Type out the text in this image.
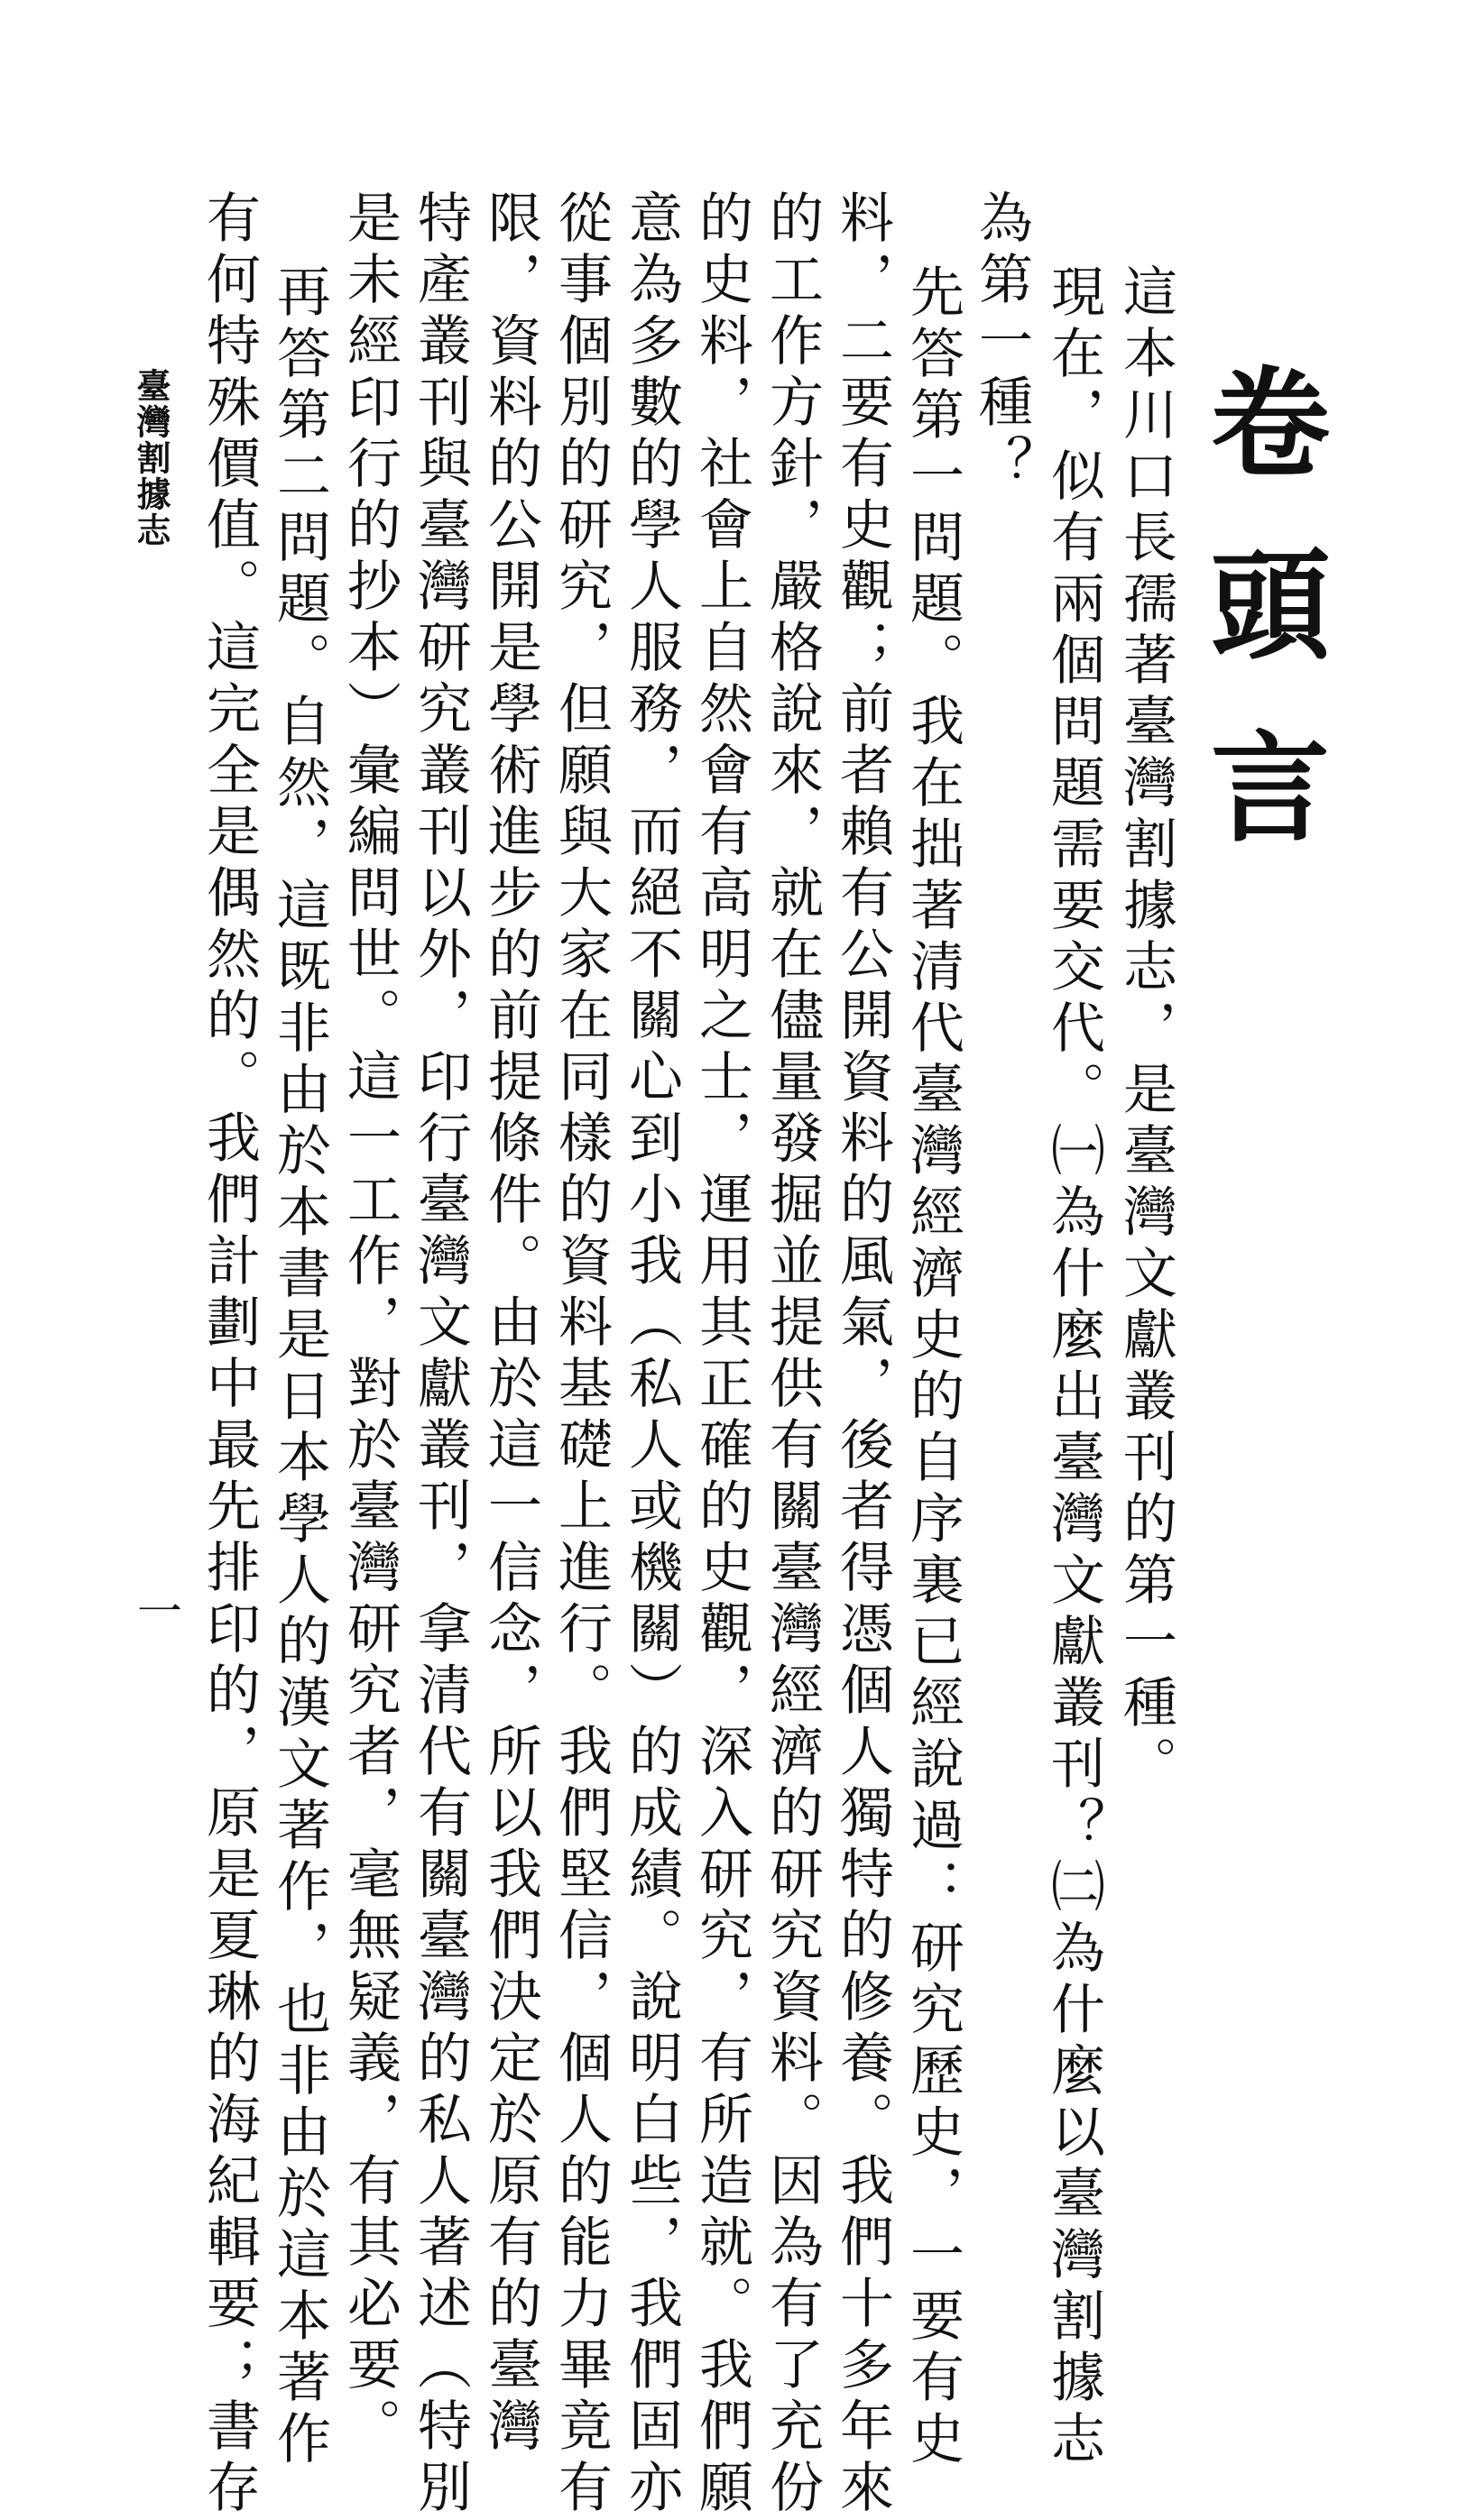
卷頭言
這本川口長孺著臺灣割據志，是臺灣文獻叢刊的第一種。
現在，似有兩個問題需要交代。㈠為什麼出臺灣文獻叢刊？㈡為什麼以臺灣割據志
為第一種？
先答第一問題。我在拙著清代臺灣經濟史的自序裏已經說過：研究歷史，一要有史
料，二要有史觀；前者賴有公開資料的風氣，後者得憑個人獨特的修養。我們十多年來
的工作方針，嚴格說來，就在儘量發掘並提供有關臺灣經濟的研究資料。因為有了充份
的史料，社會上自然會有高明之士，運用其正確的史觀，深入研究，有所造就。我們願
意為多數的學人服務，而絕不關心到小我（私人或機關）的成績。說明白些，我們固亦
從事個別的研究，但願與大家在同樣的資料基礎上進行。我們堅信，個人的能力畢竟有
限，資料的公開是學術進步的前提條件。由於這一信念，所以我們決定於原有的臺灣
特產叢刊與臺灣研究叢刊以外，印行臺灣文獻叢刊，拿清代有關臺灣的私人著述（特別
是未經印行的抄本）彙編問世。這一工作，對於臺灣研究者，毫無疑義，有其必要。
再答第二問題。自然，這既非由於本書是日本學人的漢文著作，也非由於這本著作
有何特殊價值。這完全是偶然的。我們計劃中最先排印的，原是夏琳的海紀輯要；書存
臺灣割據志
一
